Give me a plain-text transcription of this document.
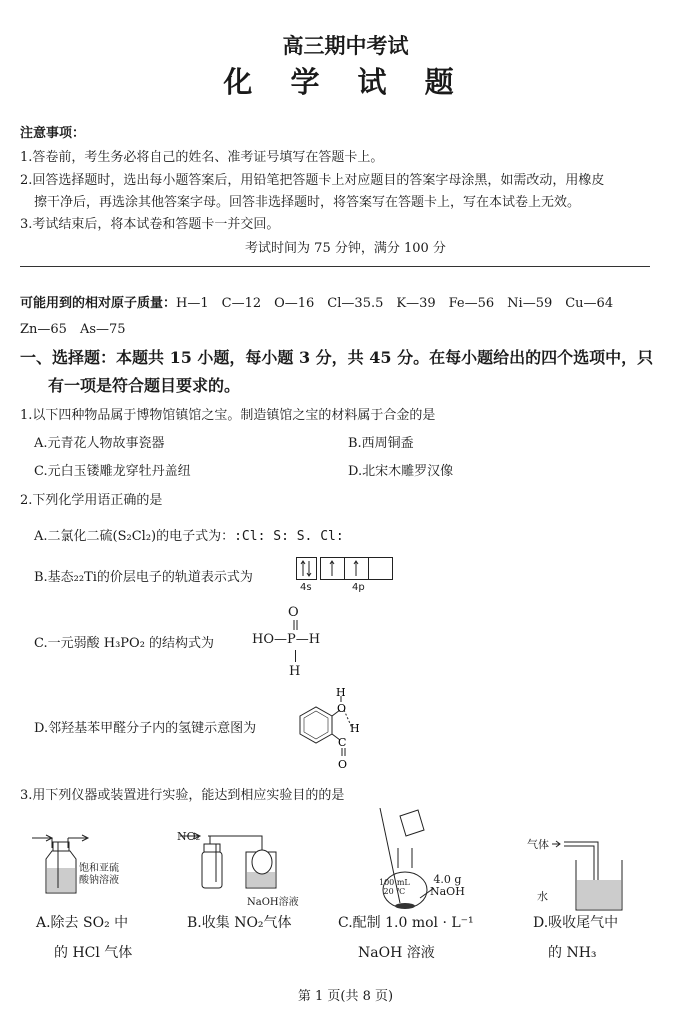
高三期中考试
化 学 试 题
注意事项：
1.答卷前，考生务必将自己的姓名、准考证号填写在答题卡上。
2.回答选择题时，选出每小题答案后，用铅笔把答题卡上对应题目的答案字母涂黑，如需改动，用橡皮
擦干净后，再选涂其他答案字母。回答非选择题时，将答案写在答题卡上，写在本试卷上无效。
3.考试结束后，将本试卷和答题卡一并交回。
考试时间为 75 分钟，满分 100 分
可能用到的相对原子质量：H—1　C—12　O—16　Cl—35.5　K—39　Fe—56　Ni—59　Cu—64
Zn—65　As—75
一、选择题：本题共 15 小题，每小题 3 分，共 45 分。在每小题给出的四个选项中，只
有一项是符合题目要求的。
1.以下四种物品属于博物馆镇馆之宝。制造镇馆之宝的材料属于合金的是
A.元青花人物故事瓷器	B.西周铜盉
C.元白玉镂雕龙穿牡丹盖纽	D.北宋木雕罗汉像
2.下列化学用语正确的是
A.二氯化二硫(S₂Cl₂)的电子式为：:Cl: S: S. Cl:
B.基态₂₂Ti的价层电子的轨道表示式为
4s	4p
C.一元弱酸 H₃PO₂ 的结构式为
O
HO—P—H
H
D.邻羟基苯甲醛分子内的氢键示意图为
H
O
H
C
O
3.用下列仪器或装置进行实验，能达到相应实验目的的是
饱和亚硫
酸钠溶液
NO₂
NaOH溶液
100 mL
20 ℃
4.0 g
NaOH
气体
水
A.除去 SO₂ 中
的 HCl 气体
B.收集 NO₂气体	C.配制 1.0 mol · L⁻¹
NaOH 溶液
D.吸收尾气中
的 NH₃
第 1 页(共 8 页)
